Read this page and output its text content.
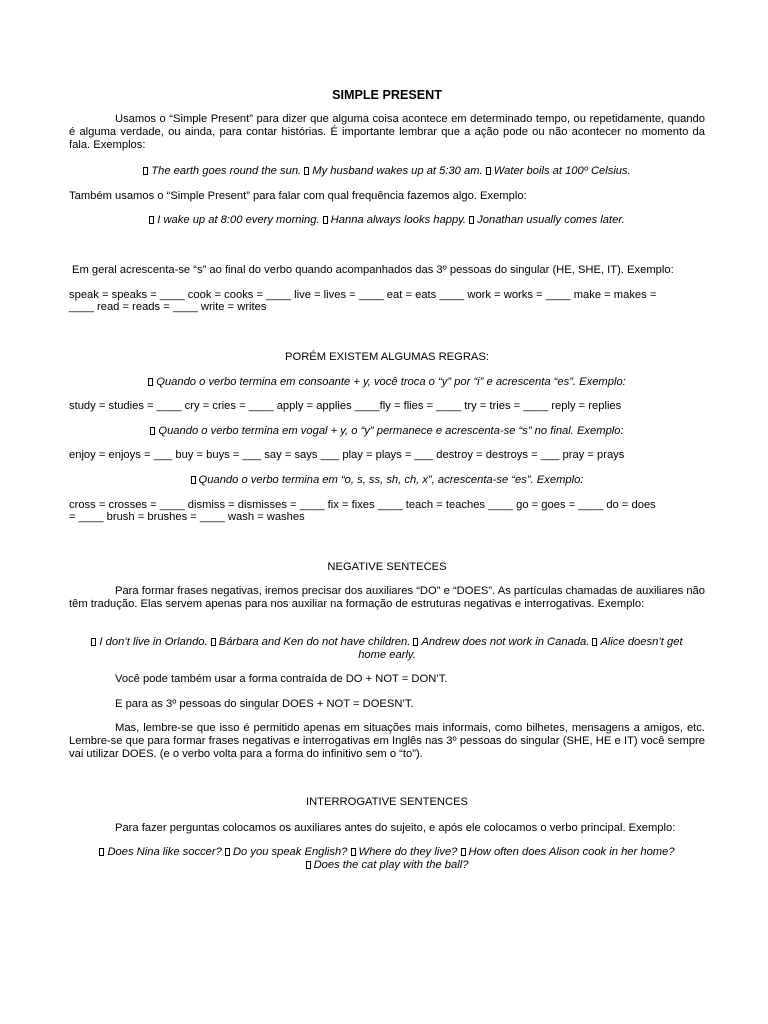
SIMPLE PRESENT

Usamos o “Simple Present” para dizer que alguma coisa acontece em determinado tempo, ou repetidamente, quando é alguma verdade, ou ainda, para contar histórias. É importante lembrar que a ação pode ou não acontecer no momento da fala. Exemplos:

The earth goes round the sun. My husband wakes up at 5:30 am. Water boils at 100º Celsius.

Também usamos o “Simple Present” para falar com qual frequência fazemos algo. Exemplo:

I wake up at 8:00 every morning. Hanna always looks happy. Jonathan usually comes later.

Em geral acrescenta-se “s” ao final do verbo quando acompanhados das 3º pessoas do singular (HE, SHE, IT). Exemplo:

speak = speaks = ____ cook = cooks = ____ live = lives = ____ eat = eats ____ work = works = ____ make = makes =

____ read = reads = ____ write = writes

PORÉM EXISTEM ALGUMAS REGRAS:

Quando o verbo termina em consoante + y, você troca o “y” por “i” e acrescenta “es”. Exemplo:

study = studies = ____ cry = cries = ____ apply = applies ____fly = flies = ____ try = tries = ____ reply = replies

Quando o verbo termina em vogal + y, o “y” permanece e acrescenta-se “s” no final. Exemplo:

enjoy = enjoys = ___ buy = buys = ___ say = says ___ play = plays = ___ destroy = destroys = ___ pray = prays

Quando o verbo termina em “o, s, ss, sh, ch, x”, acrescenta-se “es”. Exemplo:

cross = crosses = ____ dismiss = dismisses = ____ fix = fixes ____ teach = teaches ____ go = goes = ____ do = does

= ____ brush = brushes = ____ wash = washes

NEGATIVE SENTECES

Para formar frases negativas, iremos precisar dos auxiliares “DO” e “DOES”. As partículas chamadas de auxiliares não têm tradução. Elas servem apenas para nos auxiliar na formação de estruturas negativas e interrogativas. Exemplo:

I don’t live in Orlando. Bárbara and Ken do not have children. Andrew does not work in Canada. Alice doesn’t get
home early.

Você pode também usar a forma contraída de DO + NOT = DON’T.

E para as 3º pessoas do singular DOES + NOT = DOESN’T.

Mas, lembre-se que isso é permitido apenas em situações mais informais, como bilhetes, mensagens a amigos, etc. Lembre-se que para formar frases negativas e interrogativas em Inglês nas 3º pessoas do singular (SHE, HE e IT) você sempre vai utilizar DOES. (e o verbo volta para a forma do infinitivo sem o “to”).

INTERROGATIVE SENTENCES

Para fazer perguntas colocamos os auxiliares antes do sujeito, e após ele colocamos o verbo principal. Exemplo:

Does Nina like soccer? Do you speak English? Where do they live? How often does Alison cook in her home?
Does the cat play with the ball?
